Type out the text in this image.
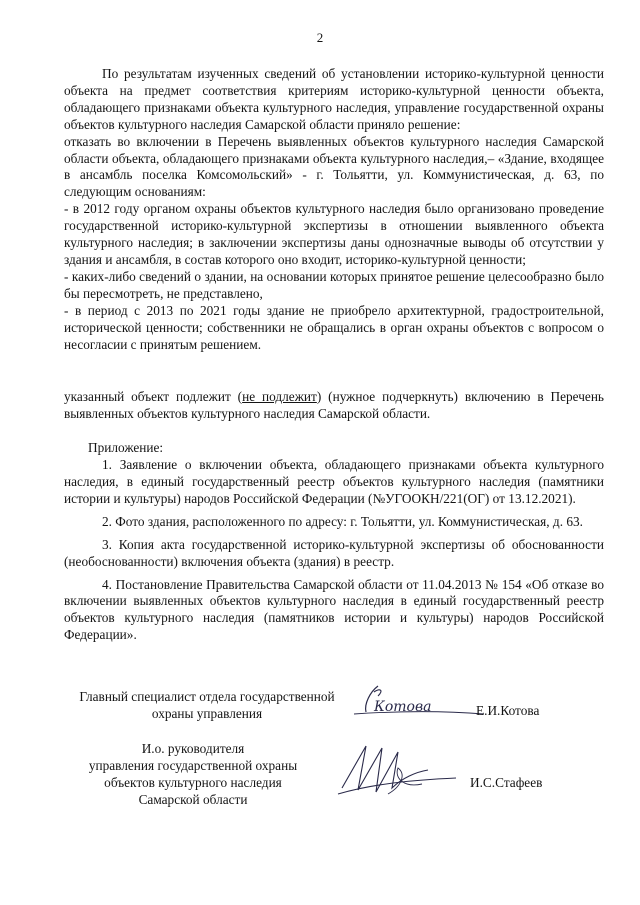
2

По результатам изученных сведений об установлении историко-культурной ценности объекта на предмет соответствия критериям историко-культурной ценности объекта, обладающего признаками объекта культурного наследия, управление государственной охраны объектов культурного наследия Самарской области приняло решение:

отказать во включении в Перечень выявленных объектов культурного наследия Самарской области объекта, обладающего признаками объекта культурного наследия,– «Здание, входящее в ансамбль поселка Комсомольский» - г. Тольятти, ул. Коммунистическая, д. 63, по следующим основаниям:

- в 2012 году органом охраны объектов культурного наследия было организовано проведение государственной историко-культурной экспертизы в отношении выявленного объекта культурного наследия; в заключении экспертизы даны однозначные выводы об отсутствии у здания и ансамбля, в состав которого оно входит, историко-культурной ценности;

- каких-либо сведений о здании, на основании которых принятое решение целесообразно было бы пересмотреть, не представлено,

- в период с 2013 по 2021 годы здание не приобрело архитектурной, градостроительной, исторической ценности; собственники не обращались в орган охраны объектов с вопросом о несогласии с принятым решением.

указанный объект подлежит (не подлежит) (нужное подчеркнуть) включению в Перечень выявленных объектов культурного наследия Самарской области.

Приложение:

1. Заявление о включении объекта, обладающего признаками объекта культурного наследия, в единый государственный реестр объектов культурного наследия (памятники истории и культуры) народов Российской Федерации (№УГООКН/221(ОГ) от 13.12.2021).

2. Фото здания, расположенного по адресу: г. Тольятти, ул. Коммунистическая, д. 63.

3. Копия акта государственной историко-культурной экспертизы об обоснованности (необоснованности) включения объекта (здания) в реестр.

4. Постановление Правительства Самарской области от 11.04.2013 № 154 «Об отказе во включении выявленных объектов культурного наследия в единый государственный реестр объектов культурного наследия (памятников истории и культуры) народов Российской Федерации».

Главный специалист отдела государственной
охраны управления	Котова	Е.И.Котова
И.о. руководителя
управления государственной охраны
объектов культурного наследия
Самарской области
И.С.Стафеев
